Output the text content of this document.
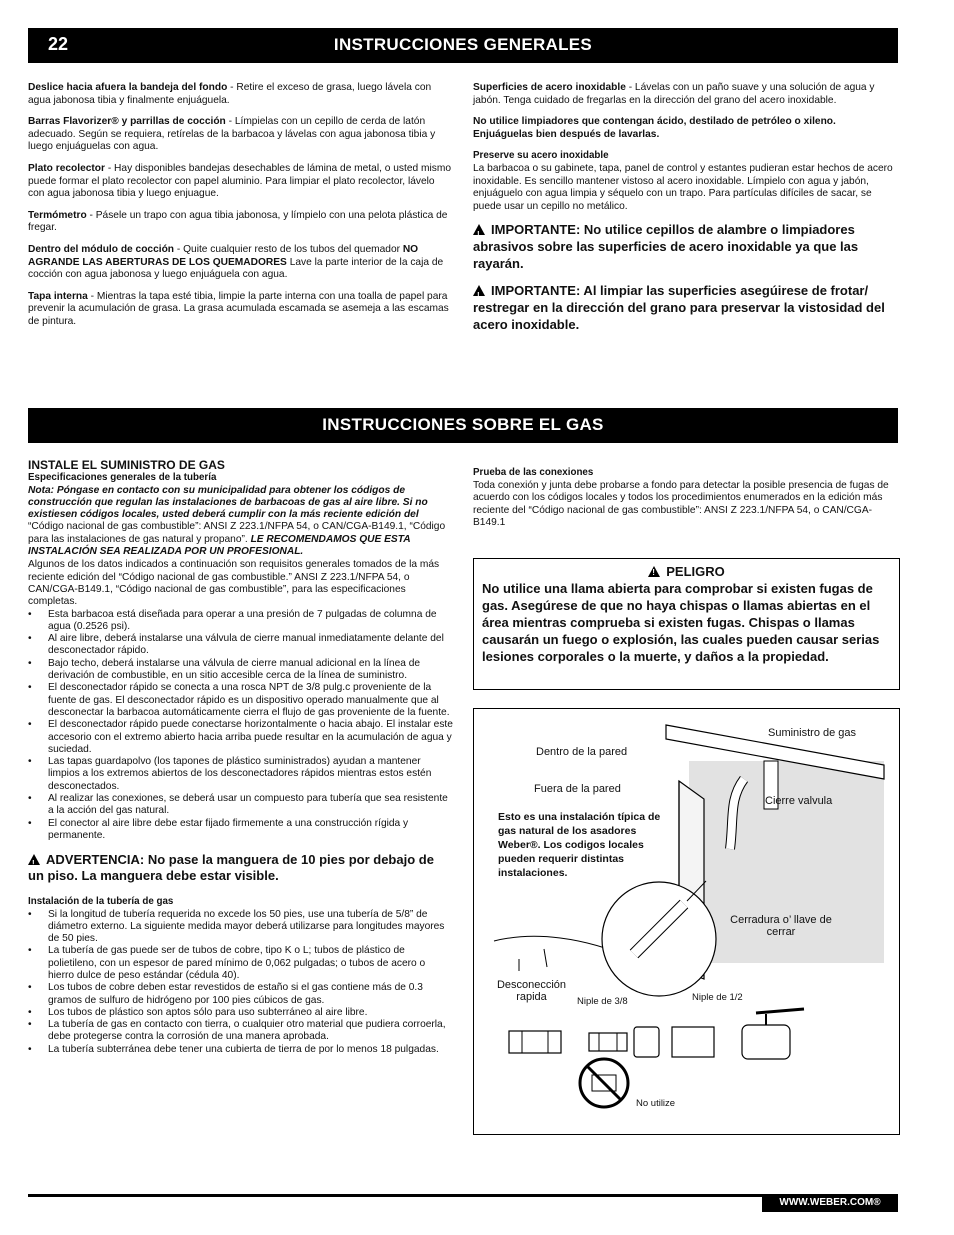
22	INSTRUCCIONES GENERALES

Deslice hacia afuera la bandeja del fondo - Retire el exceso de grasa, luego lávela con agua jabonosa tibia y finalmente enjuáguela.

Barras Flavorizer® y parrillas de cocción - Límpielas con un cepillo de cerda de latón adecuado. Según se requiera, retírelas de la barbacoa y lávelas con agua jabonosa tibia y luego enjuáguelas con agua.

Plato recolector - Hay disponibles bandejas desechables de lámina de metal, o usted mismo puede formar el plato recolector con papel aluminio. Para limpiar el plato recolector, lávelo con agua jabonosa tibia y luego enjuague.

Termómetro - Pásele un trapo con agua tibia jabonosa, y límpielo con una pelota plástica de fregar.

Dentro del módulo de cocción - Quite cualquier resto de los tubos del quemador NO AGRANDE LAS ABERTURAS DE LOS QUEMADORES Lave la parte interior de la caja de cocción con agua jabonosa y luego enjuáguela con agua.

Tapa interna - Mientras la tapa esté tibia, limpie la parte interna con una toalla de papel para prevenir la acumulación de grasa. La grasa acumulada escamada se asemeja a las escamas de pintura.

Superficies de acero inoxidable - Lávelas con un paño suave y una solución de agua y jabón. Tenga cuidado de fregarlas en la dirección del grano del acero inoxidable.

No utilice limpiadores que contengan ácido, destilado de petróleo o xileno. Enjuáguelas bien después de lavarlas.

Preserve su acero inoxidable
La barbacoa o su gabinete, tapa, panel de control y estantes pudieran estar hechos de acero inoxidable. Es sencillo mantener vistoso al acero inoxidable. Límpielo con agua y jabón, enjuáguelo con agua limpia y séquelo con un trapo. Para partículas difíciles de sacar, se puede usar un cepillo no metálico.

!IMPORTANTE: No utilice cepillos de alambre o limpiadores abrasivos sobre las superficies de acero inoxidable ya que las rayarán.
!IMPORTANTE: Al limpiar las superficies asegúirese de frotar/ restregar en la dirección del grano para preservar la vistosidad del acero inoxidable.
INSTRUCCIONES SOBRE EL GAS
INSTALE EL SUMINISTRO DE GAS
Especificaciones generales de la tubería
Nota: Póngase en contacto con su municipalidad para obtener los códigos de construcción que regulan las instalaciones de barbacoas de gas al aire libre. Si no existiesen códigos locales, usted deberá cumplir con la más reciente edición del “Código nacional de gas combustible”: ANSI Z 223.1/NFPA 54, o CAN/CGA-B149.1, “Código para las instalaciones de gas natural y propano”. LE RECOMENDAMOS QUE ESTA INSTALACIÓN SEA REALIZADA POR UN PROFESIONAL.
Algunos de los datos indicados a continuación son requisitos generales tomados de la más reciente edición del “Código nacional de gas combustible.” ANSI Z 223.1/NFPA 54, o CAN/CGA-B149.1, “Código nacional de gas combustible”, para las especificaciones completas.
• Esta barbacoa está diseñada para operar a una presión de 7 pulgadas de columna de agua (0.2526 psi).
• Al aire libre, deberá instalarse una válvula de cierre manual inmediatamente delante del desconectador rápido.
• Bajo techo, deberá instalarse una válvula de cierre manual adicional en la línea de derivación de combustible, en un sitio accesible cerca de la línea de suministro.
• El desconectador rápido se conecta a una rosca NPT de 3/8 pulg.c proveniente de la fuente de gas. El desconectador rápido es un dispositivo operado manualmente que al desconectar la barbacoa automáticamente cierra el flujo de gas proveniente de la fuente.
• El desconectador rápido puede conectarse horizontalmente o hacia abajo. El instalar este accesorio con el extremo abierto hacia arriba puede resultar en la acumulación de agua y suciedad.
• Las tapas guardapolvo (los tapones de plástico suministrados) ayudan a mantener limpios a los extremos abiertos de los desconectadores rápidos mientras estos estén desconectados.
• Al realizar las conexiones, se deberá usar un compuesto para tubería que sea resistente a la acción del gas natural.
• El conector al aire libre debe estar fijado firmemente a una construcción rígida y permanente.
!ADVERTENCIA: No pase la manguera de 10 pies por debajo de un piso. La manguera debe estar visible.
Instalación de la tubería de gas
• Si la longitud de tubería requerida no excede los 50 pies, use una tubería de 5/8” de diámetro externo. La siguiente medida mayor deberá utilizarse para longitudes mayores de 50 pies.
• La tubería de gas puede ser de tubos de cobre, tipo K o L; tubos de plástico de polietileno, con un espesor de pared mínimo de 0,062 pulgadas; o tubos de acero o hierro dulce de peso estándar (cédula 40).
• Los tubos de cobre deben estar revestidos de estaño si el gas contiene más de 0.3 gramos de sulfuro de hidrógeno por 100 pies cúbicos de gas.
• Los tubos de plástico son aptos sólo para uso subterráneo al aire libre.
• La tubería de gas en contacto con tierra, o cualquier otro material que pudiera corroerla, debe protegerse contra la corrosión de una manera aprobada.
• La tubería subterránea debe tener una cubierta de tierra de por lo menos 18 pulgadas.
Prueba de las conexiones
Toda conexión y junta debe probarse a fondo para detectar la posible presencia de fugas de acuerdo con los códigos locales y todos los procedimientos enumerados en la edición más reciente del “Código nacional de gas combustible”: ANSI Z 223.1/NFPA 54, o CAN/CGA-B149.1
!PELIGRO
No utilice una llama abierta para comprobar si existen fugas de gas. Asegúrese de que no haya chispas o llamas abiertas en el área mientras comprueba si existen fugas. Chispas o llamas causarán un fuego o explosión, las cuales pueden causar serias lesiones corporales o la muerte, y daños a la propiedad.
Suministro de gas
Dentro de la pared
Fuera de la pared
Cierre valvula
Esto es una instalación típica de gas natural de los asadores Weber®. Los codigos locales pueden requerir distintas instalaciones.
Cerradura o’ llave de cerrar
Desconección rapida	Niple de 3/8	Niple de 1/2
No utilize
WWW.WEBER.COM®
